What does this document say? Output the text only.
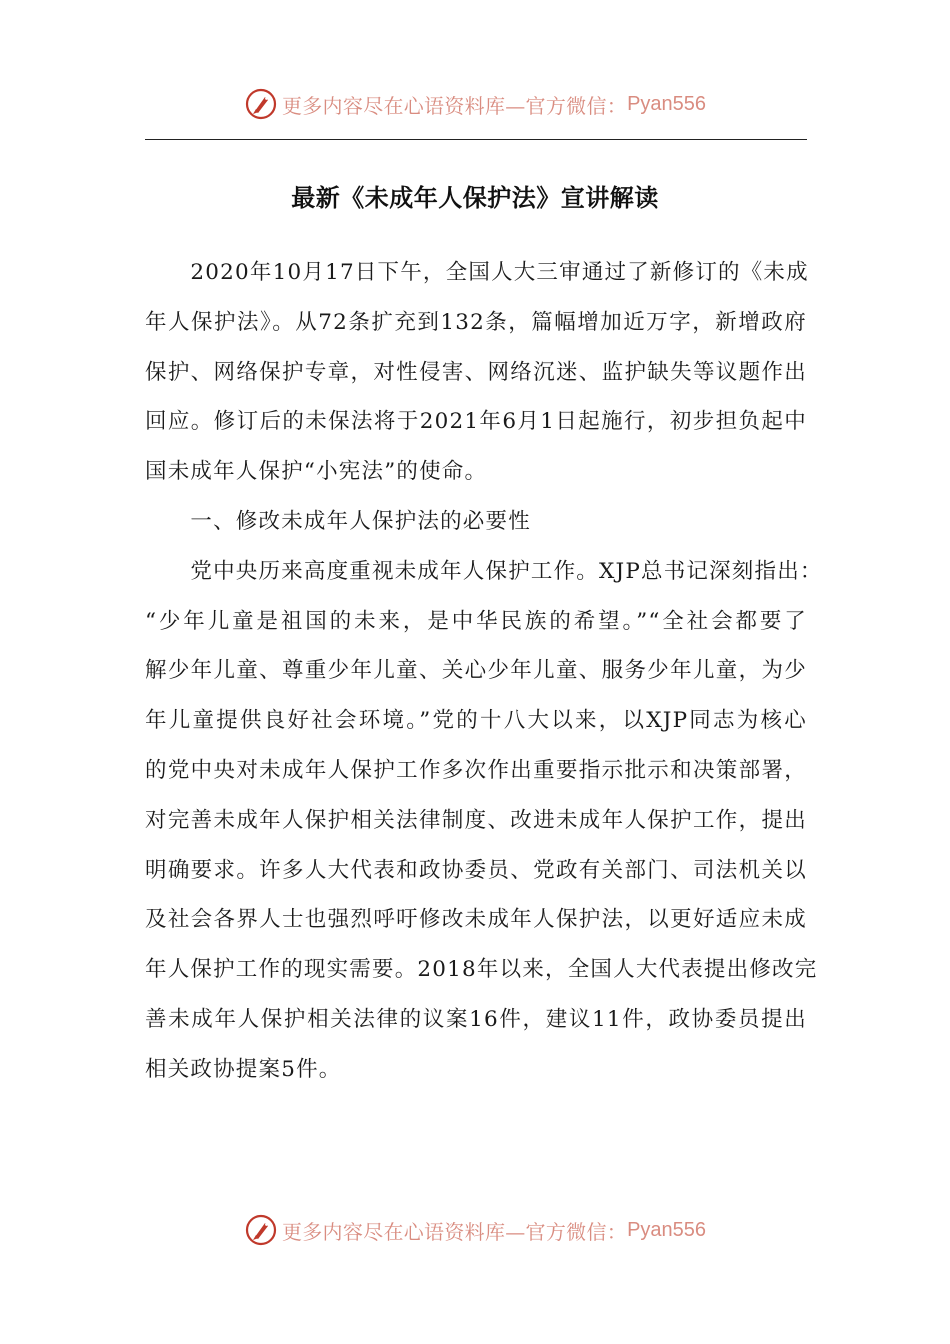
更多内容尽在心语资料库—官方微信： Pyan556
最新《未成年人保护法》宣讲解读
　　2020年10月17日下午，全国人大三审通过了新修订的《未成
年人保护法》。从72条扩充到132条，篇幅增加近万字，新增政府
保护、网络保护专章，对性侵害、网络沉迷、监护缺失等议题作出
回应。修订后的未保法将于2021年6月1日起施行，初步担负起中
国未成年人保护“小宪法”的使命。
　　一、修改未成年人保护法的必要性
　　党中央历来高度重视未成年人保护工作。XJP总书记深刻指出：
“少年儿童是祖国的未来，是中华民族的希望。”“全社会都要了
解少年儿童、尊重少年儿童、关心少年儿童、服务少年儿童，为少
年儿童提供良好社会环境。”党的十八大以来，以XJP同志为核心
的党中央对未成年人保护工作多次作出重要指示批示和决策部署，
对完善未成年人保护相关法律制度、改进未成年人保护工作，提出
明确要求。许多人大代表和政协委员、党政有关部门、司法机关以
及社会各界人士也强烈呼吁修改未成年人保护法，以更好适应未成
年人保护工作的现实需要。2018年以来，全国人大代表提出修改完
善未成年人保护相关法律的议案16件，建议11件，政协委员提出
相关政协提案5件。
更多内容尽在心语资料库—官方微信： Pyan556
